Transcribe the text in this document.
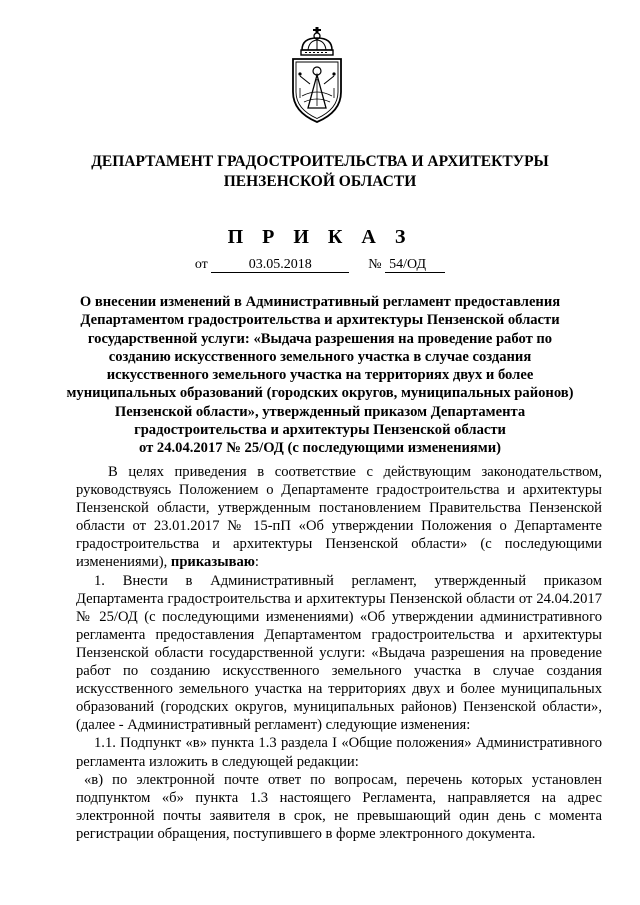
ДЕПАРТАМЕНТ ГРАДОСТРОИТЕЛЬСТВА И АРХИТЕКТУРЫ
ПЕНЗЕНСКОЙ ОБЛАСТИ
П Р И К А З
от	03.05.2018	№ 54/ОД
О внесении изменений в Административный регламент предоставления
Департаментом градостроительства и архитектуры Пензенской области
государственной услуги: «Выдача разрешения на проведение работ по
созданию искусственного земельного участка в случае создания
искусственного земельного участка на территориях двух и более
муниципальных образований (городских округов, муниципальных районов)
Пензенской области», утвержденный приказом Департамента
градостроительства и архитектуры Пензенской области
от 24.04.2017 № 25/ОД (с последующими изменениями)

В целях приведения в соответствие с действующим законодательством, руководствуясь Положением о Департаменте градостроительства и архитектуры Пензенской области, утвержденным постановлением Правительства Пензенской области от 23.01.2017 № 15-пП «Об утверждении Положения о Департаменте градостроительства и архитектуры Пензенской области» (с последующими изменениями), приказываю:

1. Внести в Административный регламент, утвержденный приказом Департамента градостроительства и архитектуры Пензенской области от 24.04.2017 № 25/ОД (с последующими изменениями) «Об утверждении административного регламента предоставления Департаментом градостроительства и архитектуры Пензенской области государственной услуги: «Выдача разрешения на проведение работ по созданию искусственного земельного участка в случае создания искусственного земельного участка на территориях двух и более муниципальных образований (городских округов, муниципальных районов) Пензенской области», (далее - Административный регламент) следующие изменения:

1.1. Подпункт «в» пункта 1.3 раздела I «Общие положения» Административного регламента изложить в следующей редакции:

«в) по электронной почте ответ по вопросам, перечень которых установлен подпунктом «б» пункта 1.3 настоящего Регламента, направляется на адрес электронной почты заявителя в срок, не превышающий один день с момента регистрации обращения, поступившего в форме электронного документа.
